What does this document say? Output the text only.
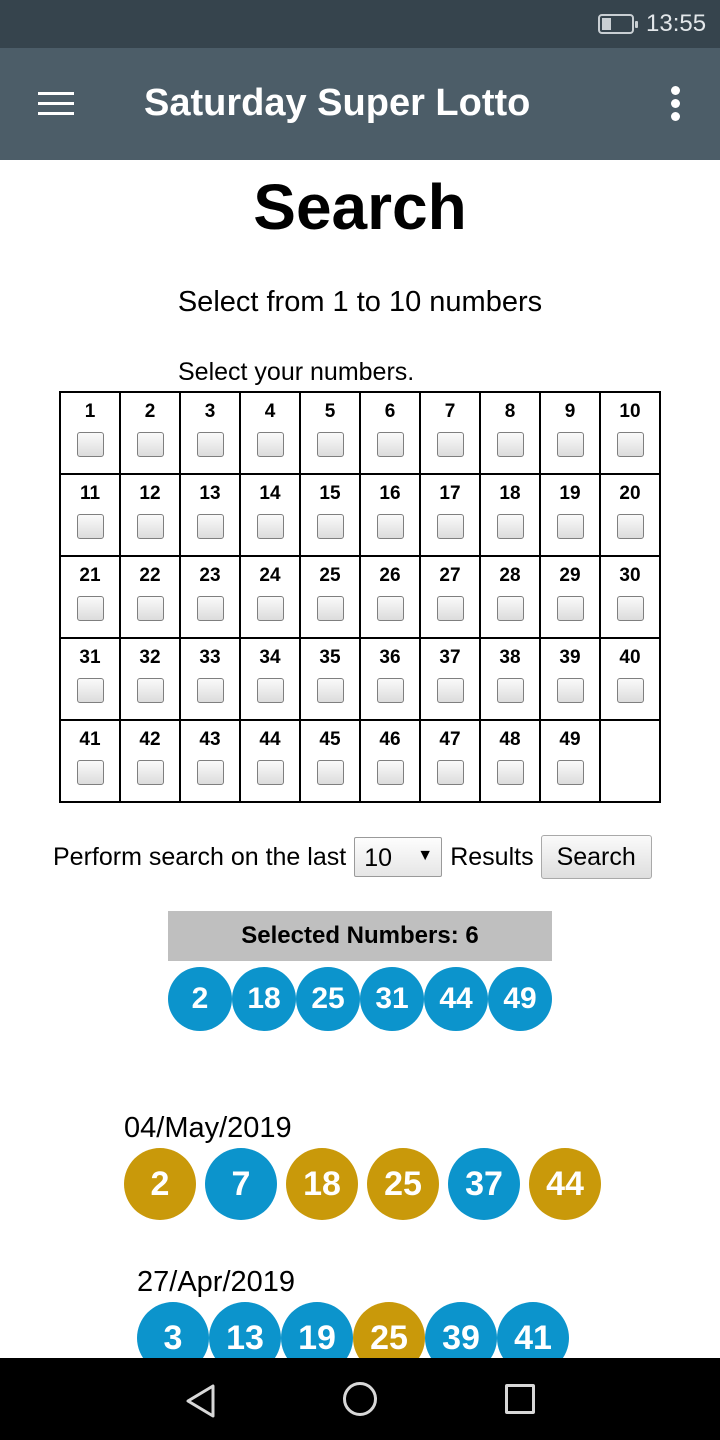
13:55
Saturday Super Lotto
Search
Select from 1 to 10 numbers
Select your numbers.
1	2	3	4	5	6	7	8	9	10

11	12	13	14	15	16	17	18	19	20

21	22	23	24	25	26	27	28	29	30

31	32	33	34	35	36	37	38	39	40

41	42	43	44	45	46	47	48	49	

Perform search on the last 10 ▼ Results Search
Selected Numbers: 6
2	18	25	31	44	49
04/May/2019
2	7	18	25	37	44
27/Apr/2019
3	13	19	25	39	41
